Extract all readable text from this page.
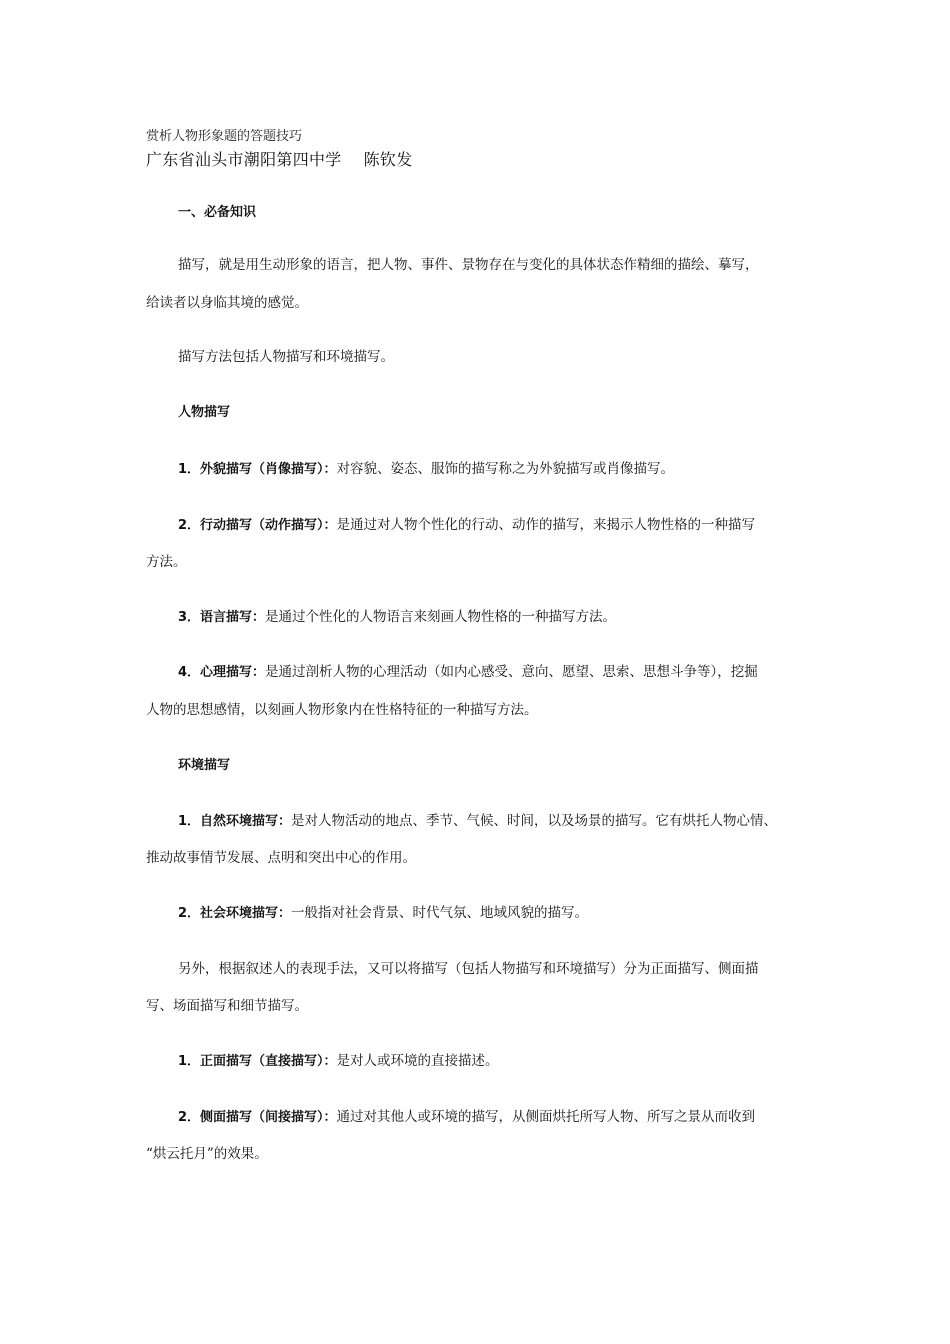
赏析人物形象题的答题技巧
广东省汕头市潮阳第四中学 陈钦发
一、必备知识
描写，就是用生动形象的语言，把人物、事件、景物存在与变化的具体状态作精细的描绘、摹写，
给读者以身临其境的感觉。
描写方法包括人物描写和环境描写。
人物描写
1．外貌描写（肖像描写）：对容貌、姿态、服饰的描写称之为外貌描写或肖像描写。
2．行动描写（动作描写）：是通过对人物个性化的行动、动作的描写，来揭示人物性格的一种描写
方法。
3．语言描写：是通过个性化的人物语言来刻画人物性格的一种描写方法。
4．心理描写：是通过剖析人物的心理活动（如内心感受、意向、愿望、思索、思想斗争等），挖掘
人物的思想感情，以刻画人物形象内在性格特征的一种描写方法。
环境描写
1．自然环境描写：是对人物活动的地点、季节、气候、时间，以及场景的描写。它有烘托人物心情、
推动故事情节发展、点明和突出中心的作用。
2．社会环境描写：一般指对社会背景、时代气氛、地域风貌的描写。
另外，根据叙述人的表现手法，又可以将描写（包括人物描写和环境描写）分为正面描写、侧面描
写、场面描写和细节描写。
1．正面描写（直接描写）：是对人或环境的直接描述。
2．侧面描写（间接描写）：通过对其他人或环境的描写，从侧面烘托所写人物、所写之景从而收到
“烘云托月”的效果。
